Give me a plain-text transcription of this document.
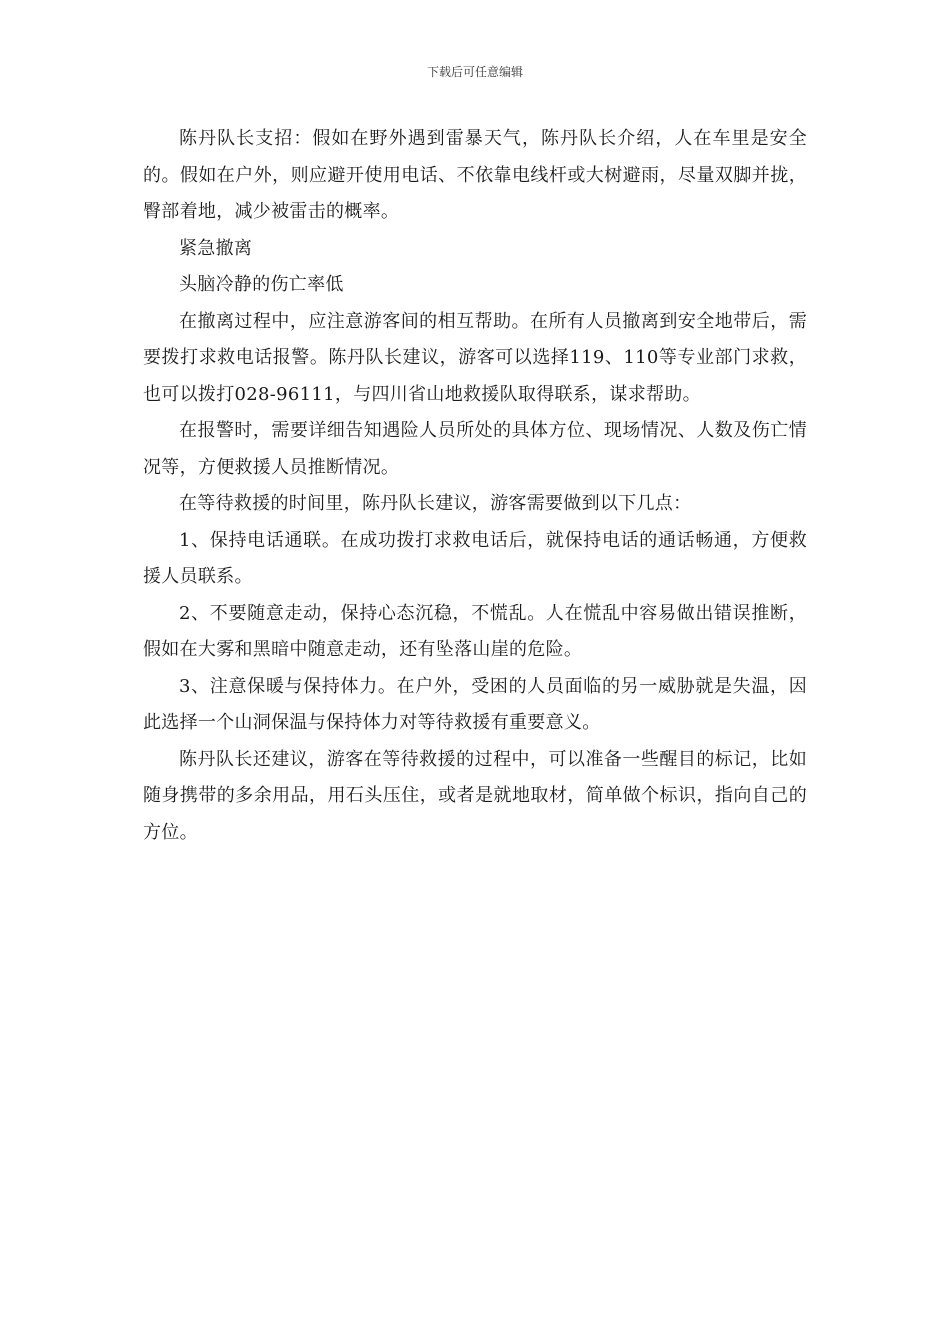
下载后可任意编辑

陈丹队长支招：假如在野外遇到雷暴天气，陈丹队长介绍，人在车里是安全的。假如在户外，则应避开使用电话、不依靠电线杆或大树避雨，尽量双脚并拢，臀部着地，减少被雷击的概率。

紧急撤离

头脑冷静的伤亡率低

在撤离过程中，应注意游客间的相互帮助。在所有人员撤离到安全地带后，需要拨打求救电话报警。陈丹队长建议，游客可以选择119、110等专业部门求救，也可以拨打028-96111，与四川省山地救援队取得联系，谋求帮助。

在报警时，需要详细告知遇险人员所处的具体方位、现场情况、人数及伤亡情况等，方便救援人员推断情况。

在等待救援的时间里，陈丹队长建议，游客需要做到以下几点：

1、保持电话通联。在成功拨打求救电话后，就保持电话的通话畅通，方便救援人员联系。

2、不要随意走动，保持心态沉稳，不慌乱。人在慌乱中容易做出错误推断，假如在大雾和黑暗中随意走动，还有坠落山崖的危险。

3、注意保暖与保持体力。在户外，受困的人员面临的另一威胁就是失温，因此选择一个山洞保温与保持体力对等待救援有重要意义。

陈丹队长还建议，游客在等待救援的过程中，可以准备一些醒目的标记，比如随身携带的多余用品，用石头压住，或者是就地取材，简单做个标识，指向自己的方位。
